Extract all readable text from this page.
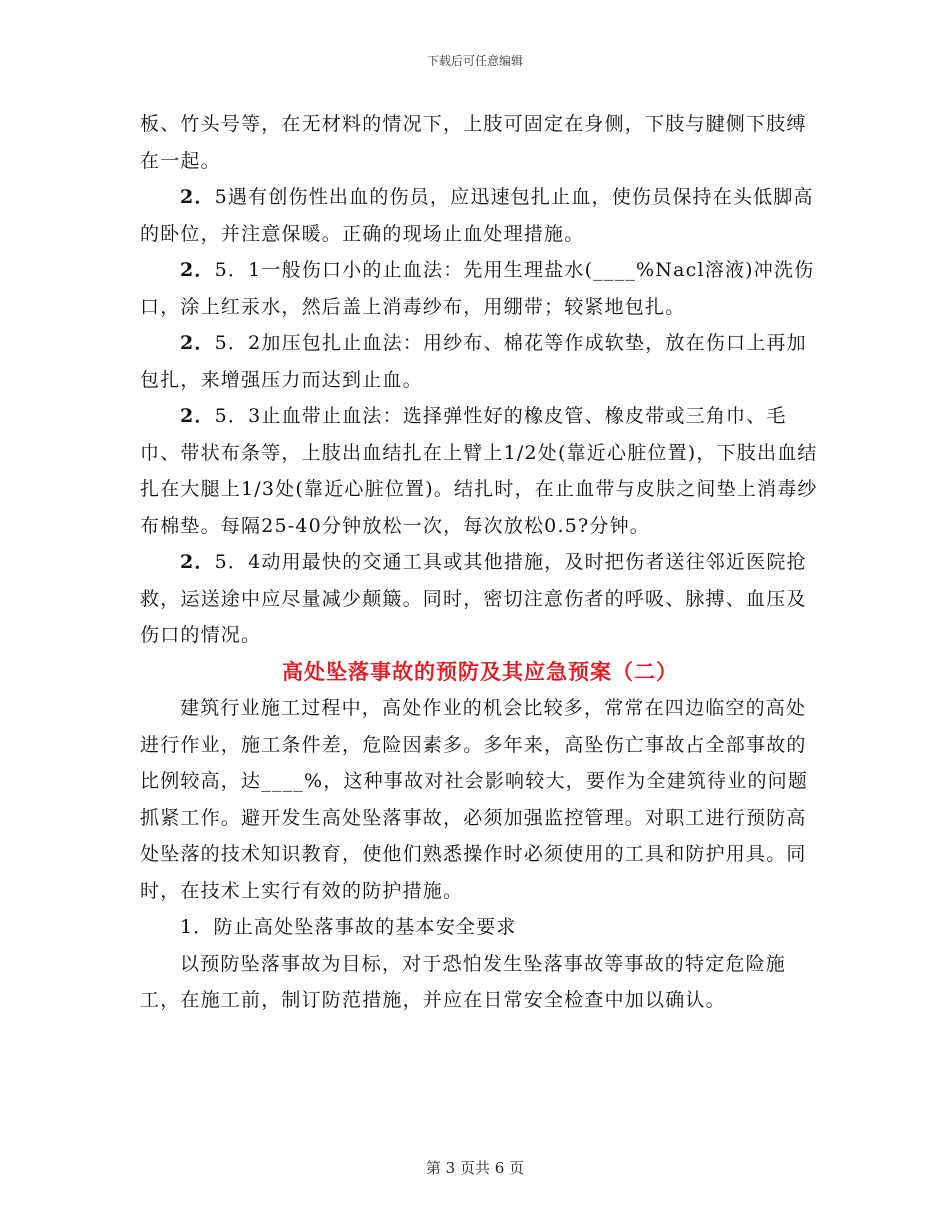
下载后可任意编辑

板、竹头号等，在无材料的情况下，上肢可固定在身侧，下肢与腱侧下肢缚在一起。

2．5遇有创伤性出血的伤员，应迅速包扎止血，使伤员保持在头低脚高的卧位，并注意保暖。正确的现场止血处理措施。

2．5．1一般伤口小的止血法：先用生理盐水(____%Nacl溶液)冲洗伤口，涂上红汞水，然后盖上消毒纱布，用绷带；较紧地包扎。

2．5．2加压包扎止血法：用纱布、棉花等作成软垫，放在伤口上再加包扎，来增强压力而达到止血。

2．5．3止血带止血法：选择弹性好的橡皮管、橡皮带或三角巾、毛巾、带状布条等，上肢出血结扎在上臂上1/2处(靠近心脏位置)，下肢出血结扎在大腿上1/3处(靠近心脏位置)。结扎时，在止血带与皮肤之间垫上消毒纱布棉垫。每隔25-40分钟放松一次，每次放松0.5?分钟。

2．5．4动用最快的交通工具或其他措施，及时把伤者送往邻近医院抢救，运送途中应尽量减少颠簸。同时，密切注意伤者的呼吸、脉搏、血压及伤口的情况。

高处坠落事故的预防及其应急预案（二）

建筑行业施工过程中，高处作业的机会比较多，常常在四边临空的高处进行作业，施工条件差，危险因素多。多年来，高坠伤亡事故占全部事故的比例较高，达____%，这种事故对社会影响较大，要作为全建筑待业的问题抓紧工作。避开发生高处坠落事故，必须加强监控管理。对职工进行预防高处坠落的技术知识教育，使他们熟悉操作时必须使用的工具和防护用具。同时，在技术上实行有效的防护措施。

1．防止高处坠落事故的基本安全要求

以预防坠落事故为目标，对于恐怕发生坠落事故等事故的特定危险施工，在施工前，制订防范措施，并应在日常安全检查中加以确认。

第 3 页共 6 页
